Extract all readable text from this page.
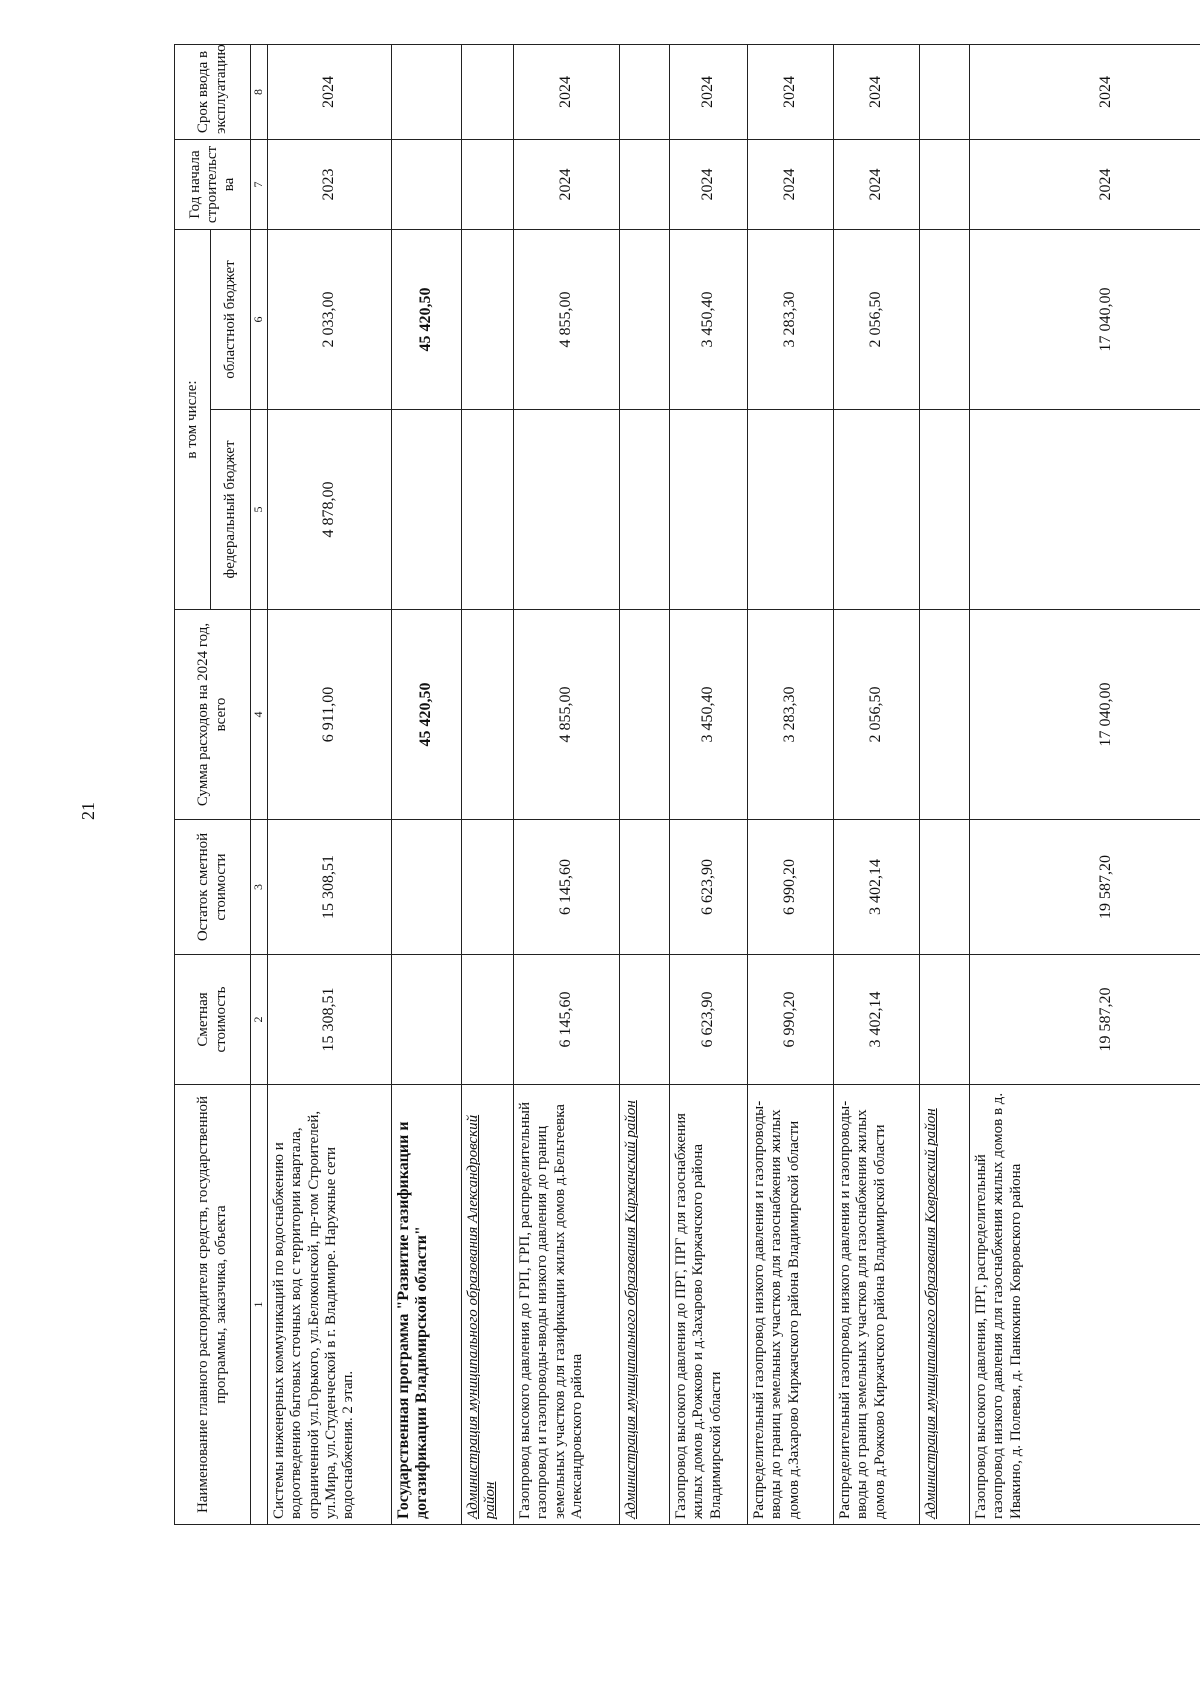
21
Наименование главного распорядителя средств, государственной программы, заказчика, объекта	Сметная стоимость	Остаток сметной стоимости	Сумма расходов на 2024 год, всего	в том числе:		Год начала строительст ва	Срок ввода в эксплуатацию
				федеральный бюджет	областной бюджет		
1	2	3	4	5	6	7	8
Системы инженерных коммуникаций по водоснабжению и водоотведению бытовых сточных вод с территории квартала, ограниченной ул.Горького, ул.Белоконской, пр-том Строителей, ул.Мира, ул.Студенческой в г. Владимире. Наружные сети водоснабжения. 2 этап.	15 308,51	15 308,51	6 911,00	4 878,00	2 033,00	2023	2024
Государственная программа "Развитие газификации и догазификации Владимирской области"			45 420,50		45 420,50		
Администрация муниципального образования Александровский район							
Газопровод высокого давления до ГРП, ГРП, распределительный газопровод и газопроводы-вводы низкого давления до границ земельных участков для газификации жилых домов д.Бельтеевка Александровского района	6 145,60	6 145,60	4 855,00		4 855,00	2024	2024
Администрация муниципального образования Киржачский район							
Газопровод высокого давления до ПРГ, ПРГ для газоснабжения жилых домов д.Рожково и д.Захарово Киржачского района Владимирской области	6 623,90	6 623,90	3 450,40		3 450,40	2024	2024
Распределительный газопровод низкого давления и газопроводы-вводы до границ земельных участков для газоснабжения жилых домов д.Захарово Киржачского района Владимирской области	6 990,20	6 990,20	3 283,30		3 283,30	2024	2024
Распределительный газопровод низкого давления и газопроводы-вводы до границ земельных участков для газоснабжения жилых домов д.Рожково Киржачского района Владимирской области	3 402,14	3 402,14	2 056,50		2 056,50	2024	2024
Администрация муниципального образования Ковровский район							
Газопровод высокого давления, ПРГ, распределительный газопровод низкого давления для газоснабжения жилых домов в д. Ивакино, д. Полевая, д. Панкокино Ковровского района	19 587,20	19 587,20	17 040,00		17 040,00	2024	2024
